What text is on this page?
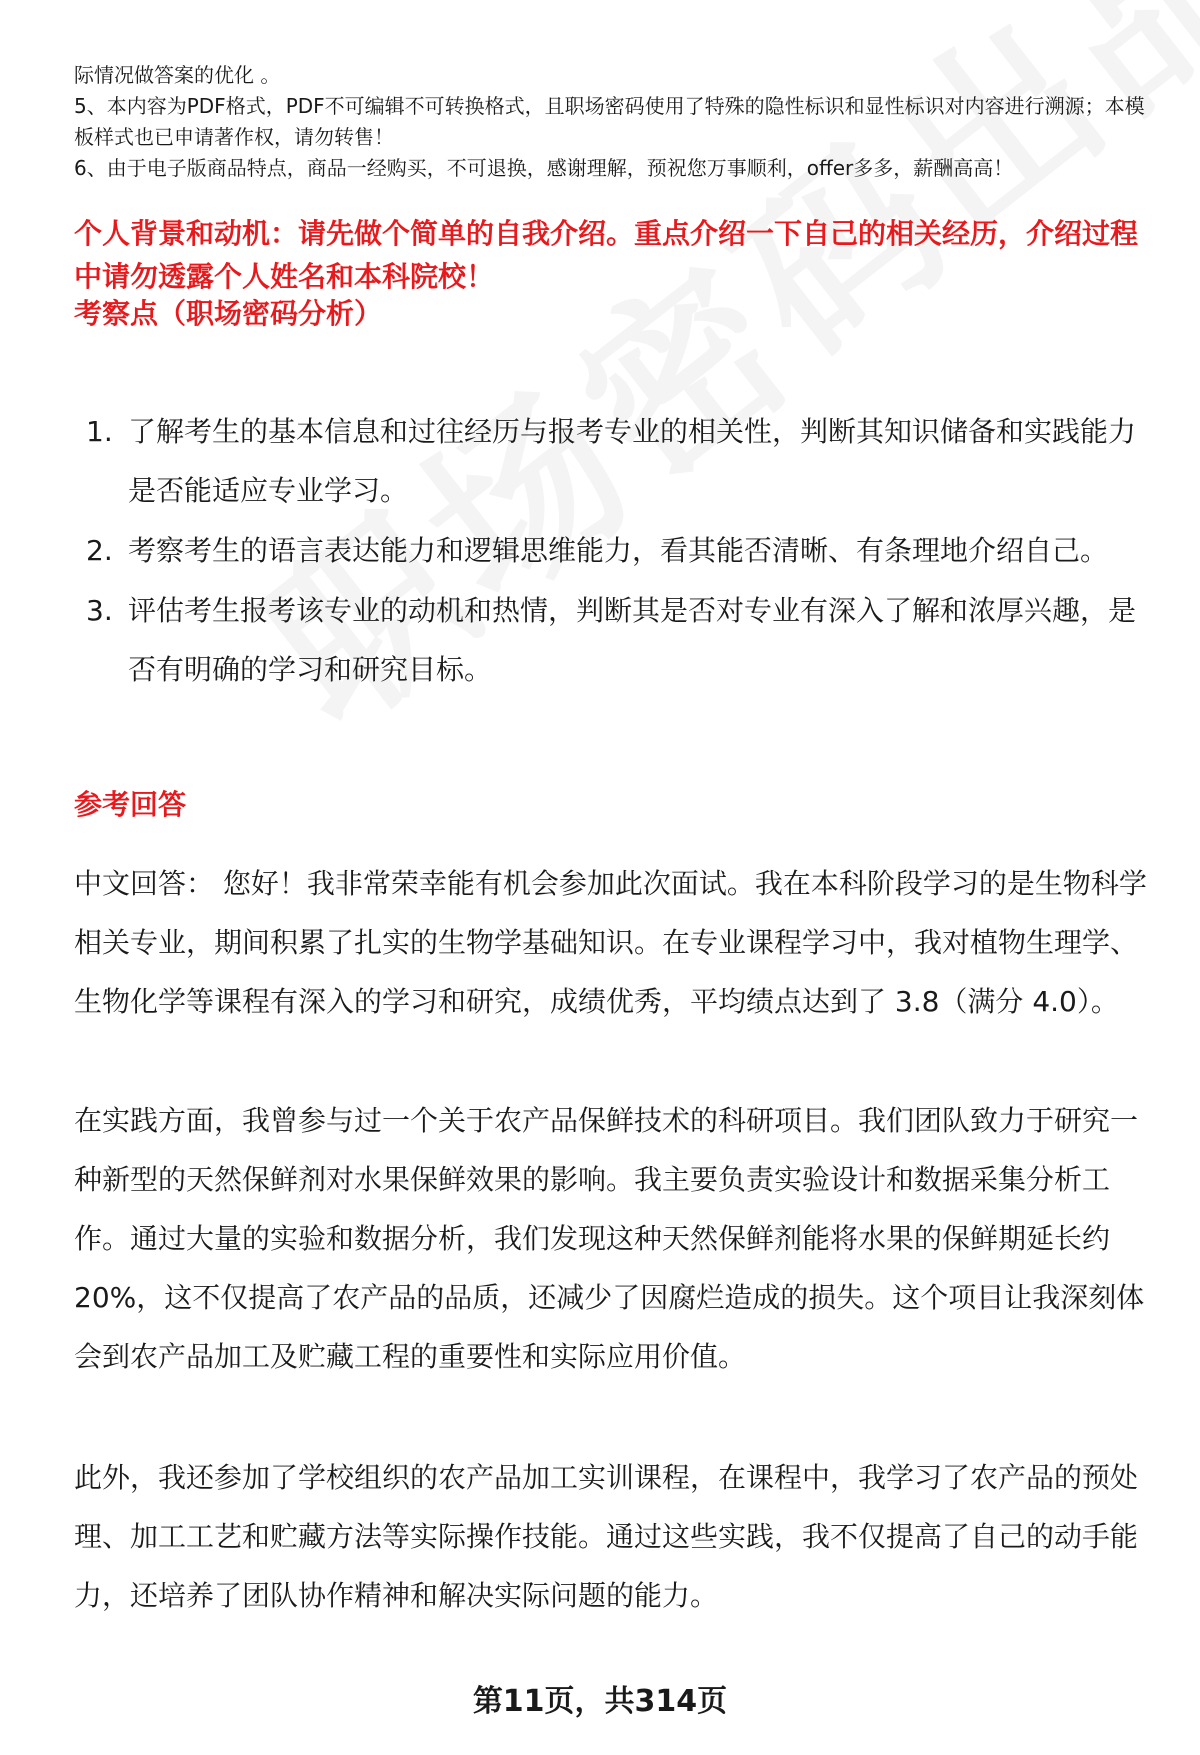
际情况做答案的优化 。

5、本内容为PDF格式，PDF不可编辑不可转换格式，且职场密码使用了特殊的隐性标识和显性标识对内容进行溯源；本模板样式也已申请著作权，请勿转售！

6、由于电子版商品特点，商品一经购买，不可退换，感谢理解，预祝您万事顺利，offer多多，薪酬高高！

个人背景和动机：请先做个简单的自我介绍。重点介绍一下自己的相关经历，介绍过程中请勿透露个人姓名和本科院校！

考察点（职场密码分析）

1. 了解考生的基本信息和过往经历与报考专业的相关性，判断其知识储备和实践能力是否能适应专业学习。
2. 考察考生的语言表达能力和逻辑思维能力，看其能否清晰、有条理地介绍自己。
3. 评估考生报考该专业的动机和热情，判断其是否对专业有深入了解和浓厚兴趣，是否有明确的学习和研究目标。

参考回答

中文回答： 您好！我非常荣幸能有机会参加此次面试。我在本科阶段学习的是生物科学相关专业，期间积累了扎实的生物学基础知识。在专业课程学习中，我对植物生理学、生物化学等课程有深入的学习和研究，成绩优秀，平均绩点达到了 3.8（满分 4.0）。

在实践方面，我曾参与过一个关于农产品保鲜技术的科研项目。我们团队致力于研究一种新型的天然保鲜剂对水果保鲜效果的影响。我主要负责实验设计和数据采集分析工作。通过大量的实验和数据分析，我们发现这种天然保鲜剂能将水果的保鲜期延长约 20%，这不仅提高了农产品的品质，还减少了因腐烂造成的损失。这个项目让我深刻体会到农产品加工及贮藏工程的重要性和实际应用价值。

此外，我还参加了学校组织的农产品加工实训课程，在课程中，我学习了农产品的预处理、加工工艺和贮藏方法等实际操作技能。通过这些实践，我不仅提高了自己的动手能力，还培养了团队协作精神和解决实际问题的能力。

第11页，共314页
